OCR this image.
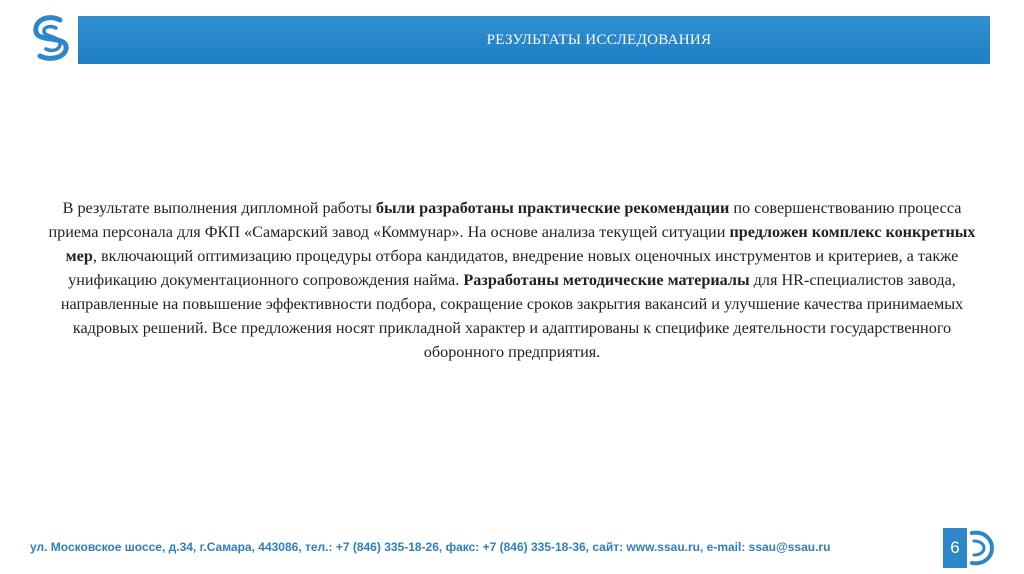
РЕЗУЛЬТАТЫ ИССЛЕДОВАНИЯ
В результате выполнения дипломной работы были разработаны практические рекомендации по совершенствованию процесса приема персонала для ФКП «Самарский завод «Коммунар». На основе анализа текущей ситуации предложен комплекс конкретных мер, включающий оптимизацию процедуры отбора кандидатов, внедрение новых оценочных инструментов и критериев, а также унификацию документационного сопровождения найма. Разработаны методические материалы для HR-специалистов завода, направленные на повышение эффективности подбора, сокращение сроков закрытия вакансий и улучшение качества принимаемых кадровых решений. Все предложения носят прикладной характер и адаптированы к специфике деятельности государственного оборонного предприятия.
ул. Московское шоссе, д.34, г.Самара, 443086, тел.: +7 (846) 335-18-26, факс: +7 (846) 335-18-36, сайт: www.ssau.ru, e-mail: ssau@ssau.ru	6
